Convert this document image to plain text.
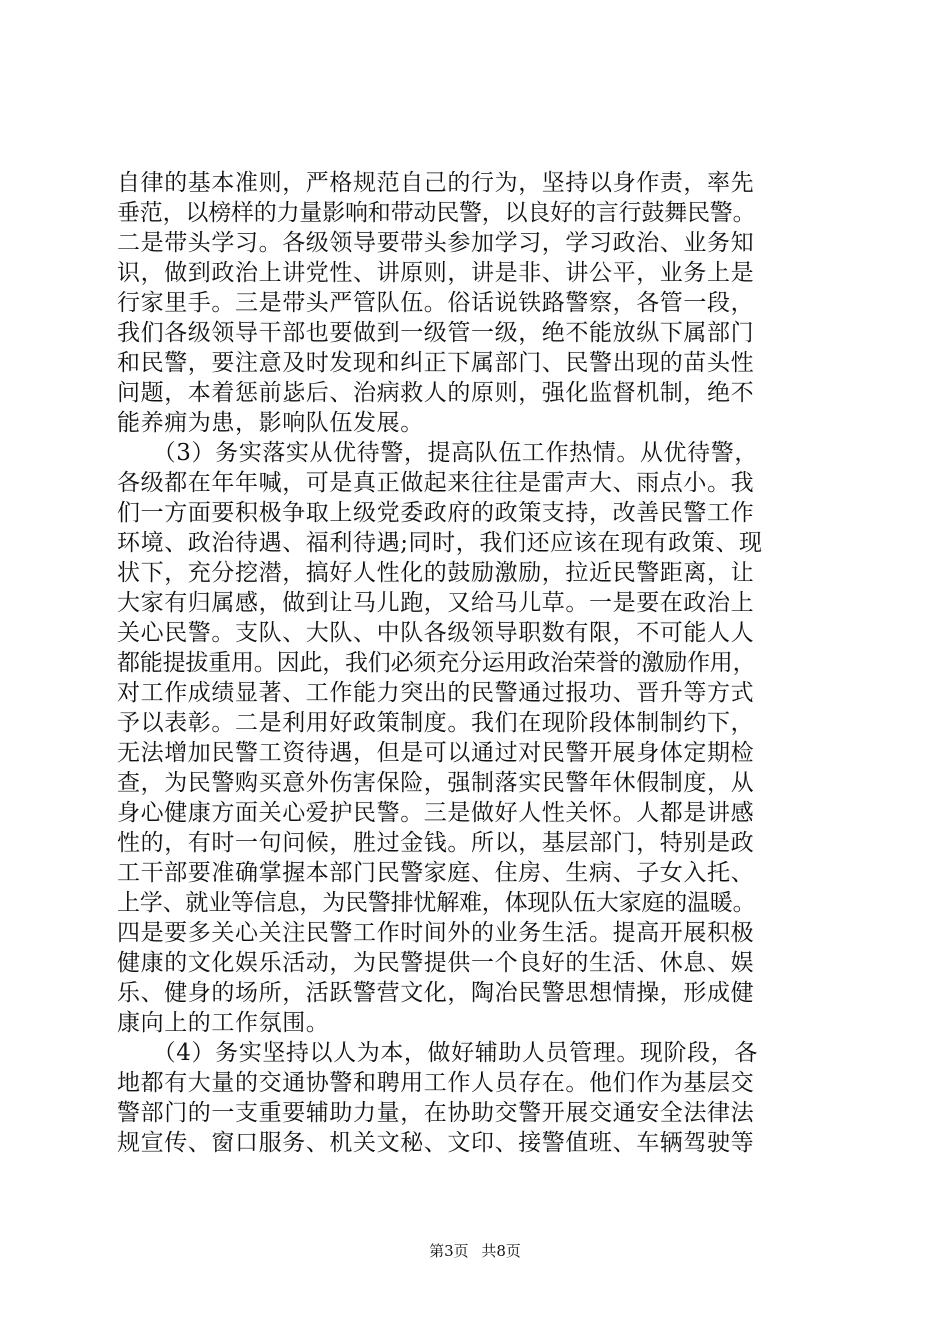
自律的基本准则，严格规范自己的行为，坚持以身作责，率先
垂范，以榜样的力量影响和带动民警，以良好的言行鼓舞民警。
二是带头学习。各级领导要带头参加学习，学习政治、业务知
识，做到政治上讲党性、讲原则，讲是非、讲公平，业务上是
行家里手。三是带头严管队伍。俗话说铁路警察，各管一段，
我们各级领导干部也要做到一级管一级，绝不能放纵下属部门
和民警，要注意及时发现和纠正下属部门、民警出现的苗头性
问题，本着惩前毖后、治病救人的原则，强化监督机制，绝不
能养痈为患，影响队伍发展。
　　（3）务实落实从优待警，提高队伍工作热情。从优待警，
各级都在年年喊，可是真正做起来往往是雷声大、雨点小。我
们一方面要积极争取上级党委政府的政策支持，改善民警工作
环境、政治待遇、福利待遇;同时，我们还应该在现有政策、现
状下，充分挖潜，搞好人性化的鼓励激励，拉近民警距离，让
大家有归属感，做到让马儿跑，又给马儿草。一是要在政治上
关心民警。支队、大队、中队各级领导职数有限，不可能人人
都能提拔重用。因此，我们必须充分运用政治荣誉的激励作用，
对工作成绩显著、工作能力突出的民警通过报功、晋升等方式
予以表彰。二是利用好政策制度。我们在现阶段体制制约下，
无法增加民警工资待遇，但是可以通过对民警开展身体定期检
查，为民警购买意外伤害保险，强制落实民警年休假制度，从
身心健康方面关心爱护民警。三是做好人性关怀。人都是讲感
性的，有时一句问候，胜过金钱。所以，基层部门，特别是政
工干部要准确掌握本部门民警家庭、住房、生病、子女入托、
上学、就业等信息，为民警排忧解难，体现队伍大家庭的温暖。
四是要多关心关注民警工作时间外的业务生活。提高开展积极
健康的文化娱乐活动，为民警提供一个良好的生活、休息、娱
乐、健身的场所，活跃警营文化，陶冶民警思想情操，形成健
康向上的工作氛围。
　　（4）务实坚持以人为本，做好辅助人员管理。现阶段，各
地都有大量的交通协警和聘用工作人员存在。他们作为基层交
警部门的一支重要辅助力量，在协助交警开展交通安全法律法
规宣传、窗口服务、机关文秘、文印、接警值班、车辆驾驶等
第3页 共8页
